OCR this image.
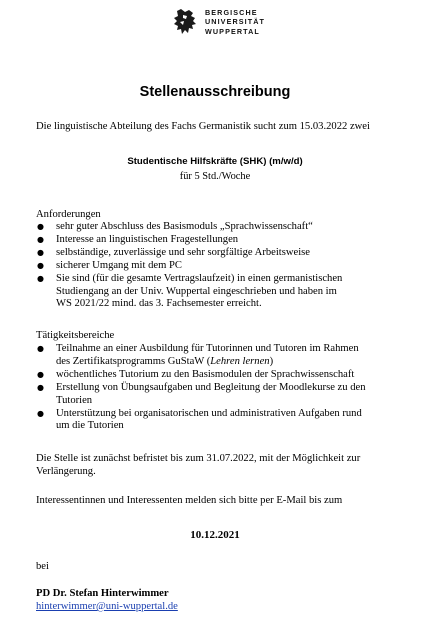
BERGISCHE
UNIVERSITÄT
WUPPERTAL
Stellenausschreibung
Die linguistische Abteilung des Fachs Germanistik sucht zum 15.03.2022 zwei
Studentische Hilfskräfte (SHK) (m/w/d)
für 5 Std./Woche
Anforderungen
● sehr guter Abschluss des Basismoduls „Sprachwissenschaft“
● Interesse an linguistischen Fragestellungen
● selbständige, zuverlässige und sehr sorgfältige Arbeitsweise
● sicherer Umgang mit dem PC
● Sie sind (für die gesamte Vertragslaufzeit) in einen germanistischen
Studiengang an der Univ. Wuppertal eingeschrieben und haben im
WS 2021/22 mind. das 3. Fachsemester erreicht.
Tätigkeitsbereiche
● Teilnahme an einer Ausbildung für Tutorinnen und Tutoren im Rahmen
des Zertifikatsprogramms GuStaW (Lehren lernen)
● wöchentliches Tutorium zu den Basismodulen der Sprachwissenschaft
● Erstellung von Übungsaufgaben und Begleitung der Moodlekurse zu den
Tutorien
● Unterstützung bei organisatorischen und administrativen Aufgaben rund
um die Tutorien
Die Stelle ist zunächst befristet bis zum 31.07.2022, mit der Möglichkeit zur
Verlängerung.
Interessentinnen und Interessenten melden sich bitte per E-Mail bis zum
10.12.2021
bei
PD Dr. Stefan Hinterwimmer
hinterwimmer@uni-wuppertal.de
